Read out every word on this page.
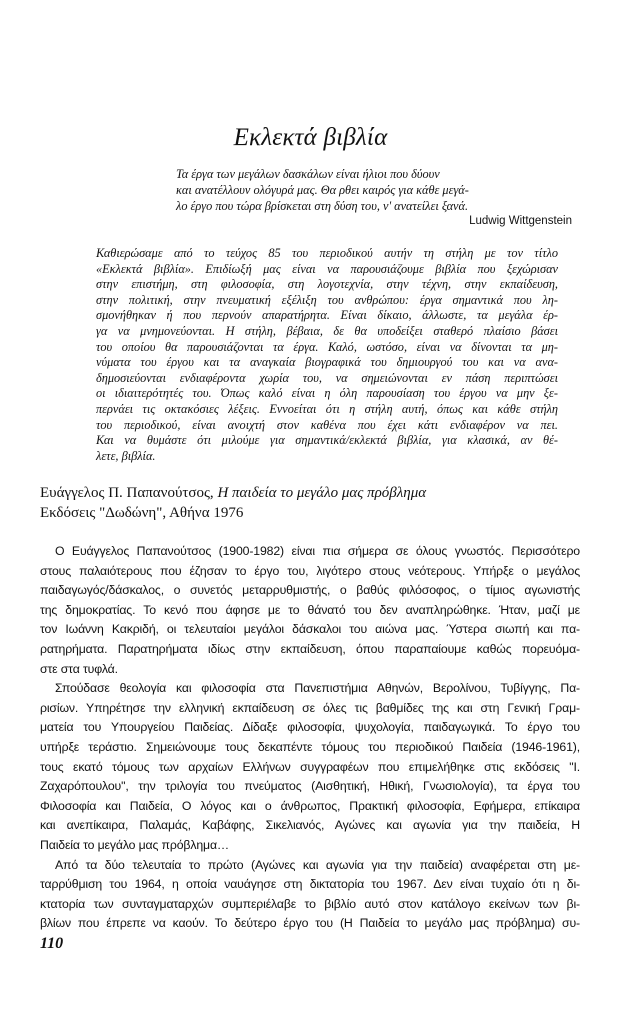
Εκλεκτά βιβλία
Τα έργα των μεγάλων δασκάλων είναι ήλιοι που δύουν
και ανατέλλουν ολόγυρά μας. Θα ρθει καιρός για κάθε μεγά-
λο έργο που τώρα βρίσκεται στη δύση του, ν' ανατείλει ξανά.
Ludwig Wittgenstein
Καθιερώσαμε από το τεύχος 85 του περιοδικού αυτήν τη στήλη με τον τίτλο
«Εκλεκτά βιβλία». Επιδίωξή μας είναι να παρουσιάζουμε βιβλία που ξεχώρισαν
στην επιστήμη, στη φιλοσοφία, στη λογοτεχνία, στην τέχνη, στην εκπαίδευση,
στην πολιτική, στην πνευματική εξέλιξη του ανθρώπου: έργα σημαντικά που λη-
σμονήθηκαν ή που περνούν απαρατήρητα. Είναι δίκαιο, άλλωστε, τα μεγάλα έρ-
γα να μνημονεύονται. Η στήλη, βέβαια, δε θα υποδείξει σταθερό πλαίσιο βάσει
του οποίου θα παρουσιάζονται τα έργα. Καλό, ωστόσο, είναι να δίνονται τα μη-
νύματα του έργου και τα αναγκαία βιογραφικά του δημιουργού του και να ανα-
δημοσιεύονται ενδιαφέροντα χωρία του, να σημειώνονται εν πάση περιπτώσει
οι ιδιαιτερότητές του. Όπως καλό είναι η όλη παρουσίαση του έργου να μην ξε-
περνάει τις οκτακόσιες λέξεις. Εννοείται ότι η στήλη αυτή, όπως και κάθε στήλη
του περιοδικού, είναι ανοιχτή στον καθένα που έχει κάτι ενδιαφέρον να πει.
Και να θυμάστε ότι μιλούμε για σημαντικά/εκλεκτά βιβλία, για κλασικά, αν θέ-
λετε, βιβλία.
Ευάγγελος Π. Παπανούτσος, Η παιδεία το μεγάλο μας πρόβλημα
Εκδόσεις "Δωδώνη", Αθήνα 1976
Ο Ευάγγελος Παπανούτσος (1900-1982) είναι πια σήμερα σε όλους γνωστός. Περισσότερο
στους παλαιότερους που έζησαν το έργο του, λιγότερο στους νεότερους. Υπήρξε ο μεγάλος
παιδαγωγός/δάσκαλος, ο συνετός μεταρρυθμιστής, ο βαθύς φιλόσοφος, ο τίμιος αγωνιστής
της δημοκρατίας. Το κενό που άφησε με το θάνατό του δεν αναπληρώθηκε. Ήταν, μαζί με
τον Ιωάννη Κακριδή, οι τελευταίοι μεγάλοι δάσκαλοι του αιώνα μας. Ύστερα σιωπή και πα-
ρατηρήματα. Παρατηρήματα ιδίως στην εκπαίδευση, όπου παραπαίουμε καθώς πορευόμα-
στε στα τυφλά.
Σπούδασε θεολογία και φιλοσοφία στα Πανεπιστήμια Αθηνών, Βερολίνου, Τυβίγγης, Πα-
ρισίων. Υπηρέτησε την ελληνική εκπαίδευση σε όλες τις βαθμίδες της και στη Γενική Γραμ-
ματεία του Υπουργείου Παιδείας. Δίδαξε φιλοσοφία, ψυχολογία, παιδαγωγικά. Το έργο του
υπήρξε τεράστιο. Σημειώνουμε τους δεκαπέντε τόμους του περιοδικού Παιδεία (1946-1961),
τους εκατό τόμους των αρχαίων Ελλήνων συγγραφέων που επιμελήθηκε στις εκδόσεις "Ι.
Ζαχαρόπουλου", την τριλογία του πνεύματος (Αισθητική, Ηθική, Γνωσιολογία), τα έργα του
Φιλοσοφία και Παιδεία, Ο λόγος και ο άνθρωπος, Πρακτική φιλοσοφία, Εφήμερα, επίκαιρα
και ανεπίκαιρα, Παλαμάς, Καβάφης, Σικελιανός, Αγώνες και αγωνία για την παιδεία, Η
Παιδεία το μεγάλο μας πρόβλημα…
Από τα δύο τελευταία το πρώτο (Αγώνες και αγωνία για την παιδεία) αναφέρεται στη με-
ταρρύθμιση του 1964, η οποία ναυάγησε στη δικτατορία του 1967. Δεν είναι τυχαίο ότι η δι-
κτατορία των συνταγματαρχών συμπεριέλαβε το βιβλίο αυτό στον κατάλογο εκείνων των βι-
βλίων που έπρεπε να καούν. Το δεύτερο έργο του (Η Παιδεία το μεγάλο μας πρόβλημα) συ-
110
